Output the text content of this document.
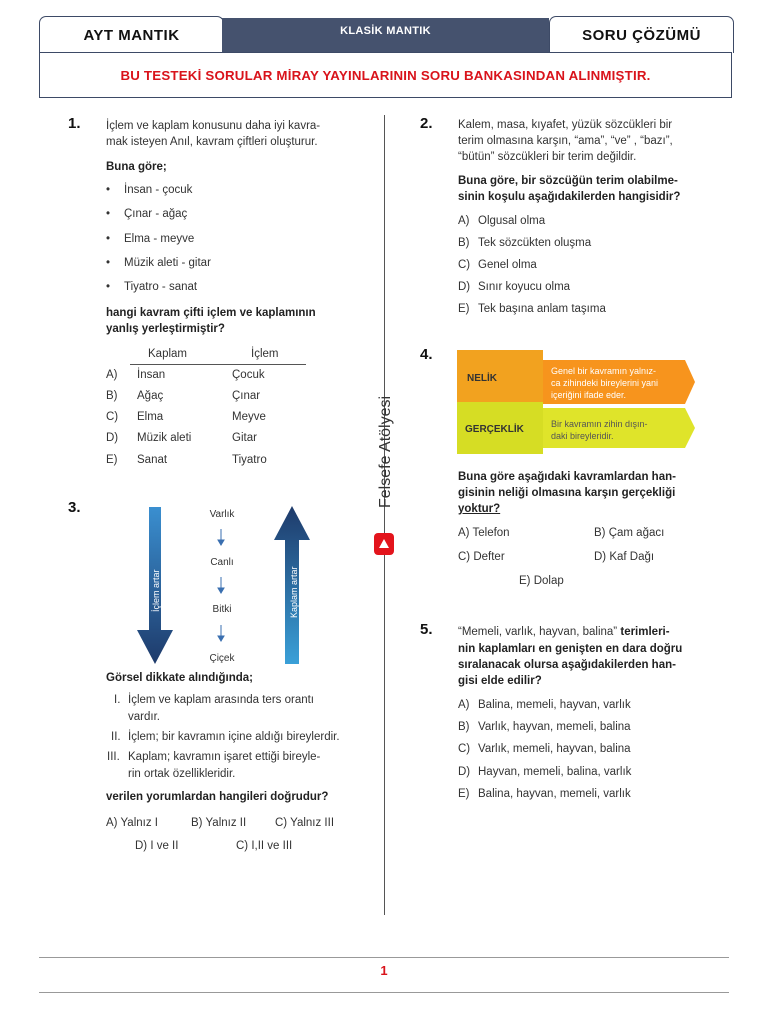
AYT MANTIK	KLASİK MANTIK	SORU ÇÖZÜMÜ
BU TESTEKİ SORULAR MİRAY YAYINLARININ SORU BANKASINDAN ALINMIŞTIR.
Felsefe Atölyesi
1. İçlem ve kaplam konusunu daha iyi kavra-
mak isteyen Anıl, kavram çiftleri oluşturur.
Buna göre;
• İnsan - çocuk
• Çınar - ağaç
• Elma - meyve
• Müzik aleti - gitar
• Tiyatro - sanat
hangi kavram çifti içlem ve kaplamının
yanlış yerleştirmiştir?
Kaplam	İçlem
A) İnsan	Çocuk
B) Ağaç	Çınar
C) Elma	Meyve
D) Müzik aleti	Gitar
E) Sanat	Tiyatro
3.
İçlem artar	Kaplam artar
Varlık
Canlı
Bitki
Çiçek
Görsel dikkate alındığında;
I. İçlem ve kaplam arasında ters orantı
vardır.
II. İçlem; bir kavramın içine aldığı bireylerdir.
III. Kaplam; kavramın işaret ettiği bireyle-
rin ortak özellikleridir.
verilen yorumlardan hangileri doğrudur?
A) Yalnız I	B) Yalnız II	C) Yalnız III
D) I ve II	C) I,II ve III
2. Kalem, masa, kıyafet, yüzük sözcükleri bir
terim olmasına karşın, “ama”, “ve” , “bazı”,
“bütün” sözcükleri bir terim değildir.
Buna göre, bir sözcüğün terim olabilme-
sinin koşulu aşağıdakilerden hangisidir?
A) Olgusal olma
B) Tek sözcükten oluşma
C) Genel olma
D) Sınır koyucu olma
E) Tek başına anlam taşıma
4.
NELİK
GERÇEKLİK
Genel bir kavramın yalnız-
ca zihindeki bireylerini yani
içeriğini ifade eder.
Bir kavramın zihin dışın-
daki bireyleridir.
Buna göre aşağıdaki kavramlardan han-
gisinin neliği olmasına karşın gerçekliği
yoktur?
A) Telefon	B) Çam ağacı
C) Defter	D) Kaf Dağı
E) Dolap
5. “Memeli, varlık, hayvan, balina” terimleri-
nin kaplamları en genişten en dara doğru
sıralanacak olursa aşağıdakilerden han-
gisi elde edilir?
A) Balina, memeli, hayvan, varlık
B) Varlık, hayvan, memeli, balina
C) Varlık, memeli, hayvan, balina
D) Hayvan, memeli, balina, varlık
E) Balina, hayvan, memeli, varlık
1
